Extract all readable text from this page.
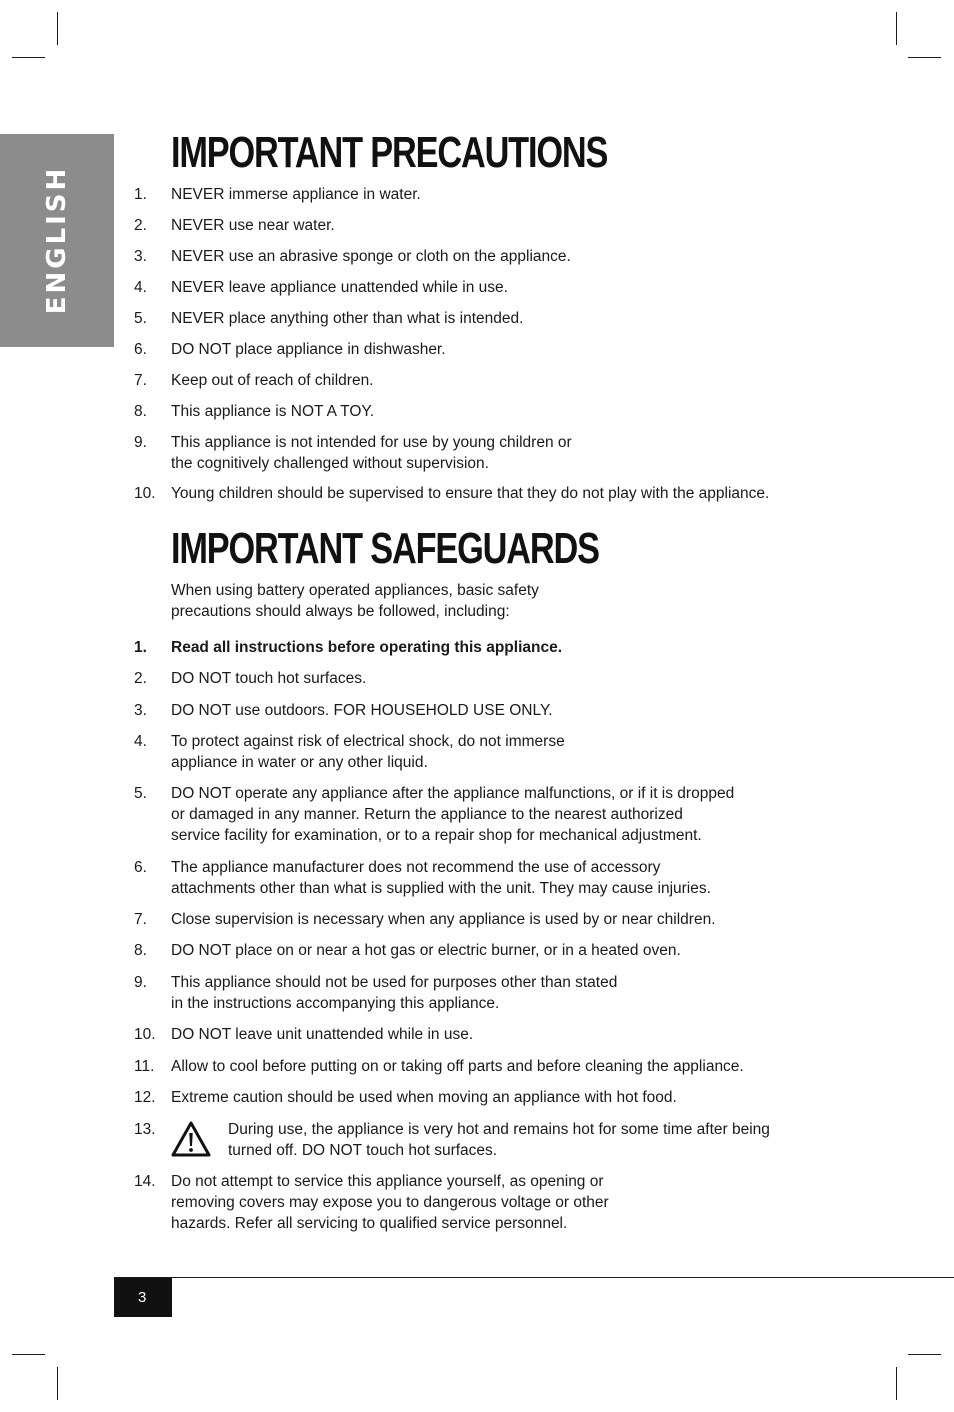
ENGLISH
IMPORTANT PRECAUTIONS
1. NEVER immerse appliance in water.
2. NEVER use near water.
3. NEVER use an abrasive sponge or cloth on the appliance.
4. NEVER leave appliance unattended while in use.
5. NEVER place anything other than what is intended.
6. DO NOT place appliance in dishwasher.
7. Keep out of reach of children.
8. This appliance is NOT A TOY.
9. This appliance is not intended for use by young children or
the cognitively challenged without supervision.
10. Young children should be supervised to ensure that they do not play with the appliance.
IMPORTANT SAFEGUARDS
When using battery operated appliances, basic safety
precautions should always be followed, including:
1. Read all instructions before operating this appliance.
2. DO NOT touch hot surfaces.
3. DO NOT use outdoors. FOR HOUSEHOLD USE ONLY.
4. To protect against risk of electrical shock, do not immerse
appliance in water or any other liquid.
5. DO NOT operate any appliance after the appliance malfunctions, or if it is dropped
or damaged in any manner. Return the appliance to the nearest authorized
service facility for examination, or to a repair shop for mechanical adjustment.
6. The appliance manufacturer does not recommend the use of accessory
attachments other than what is supplied with the unit. They may cause injuries.
7. Close supervision is necessary when any appliance is used by or near children.
8. DO NOT place on or near a hot gas or electric burner, or in a heated oven.
9. This appliance should not be used for purposes other than stated
in the instructions accompanying this appliance.
10. DO NOT leave unit unattended while in use.
11. Allow to cool before putting on or taking off parts and before cleaning the appliance.
12. Extreme caution should be used when moving an appliance with hot food.
13.	During use, the appliance is very hot and remains hot for some time after being
turned off. DO NOT touch hot surfaces.
14. Do not attempt to service this appliance yourself, as opening or
removing covers may expose you to dangerous voltage or other
hazards. Refer all servicing to qualified service personnel.
3
